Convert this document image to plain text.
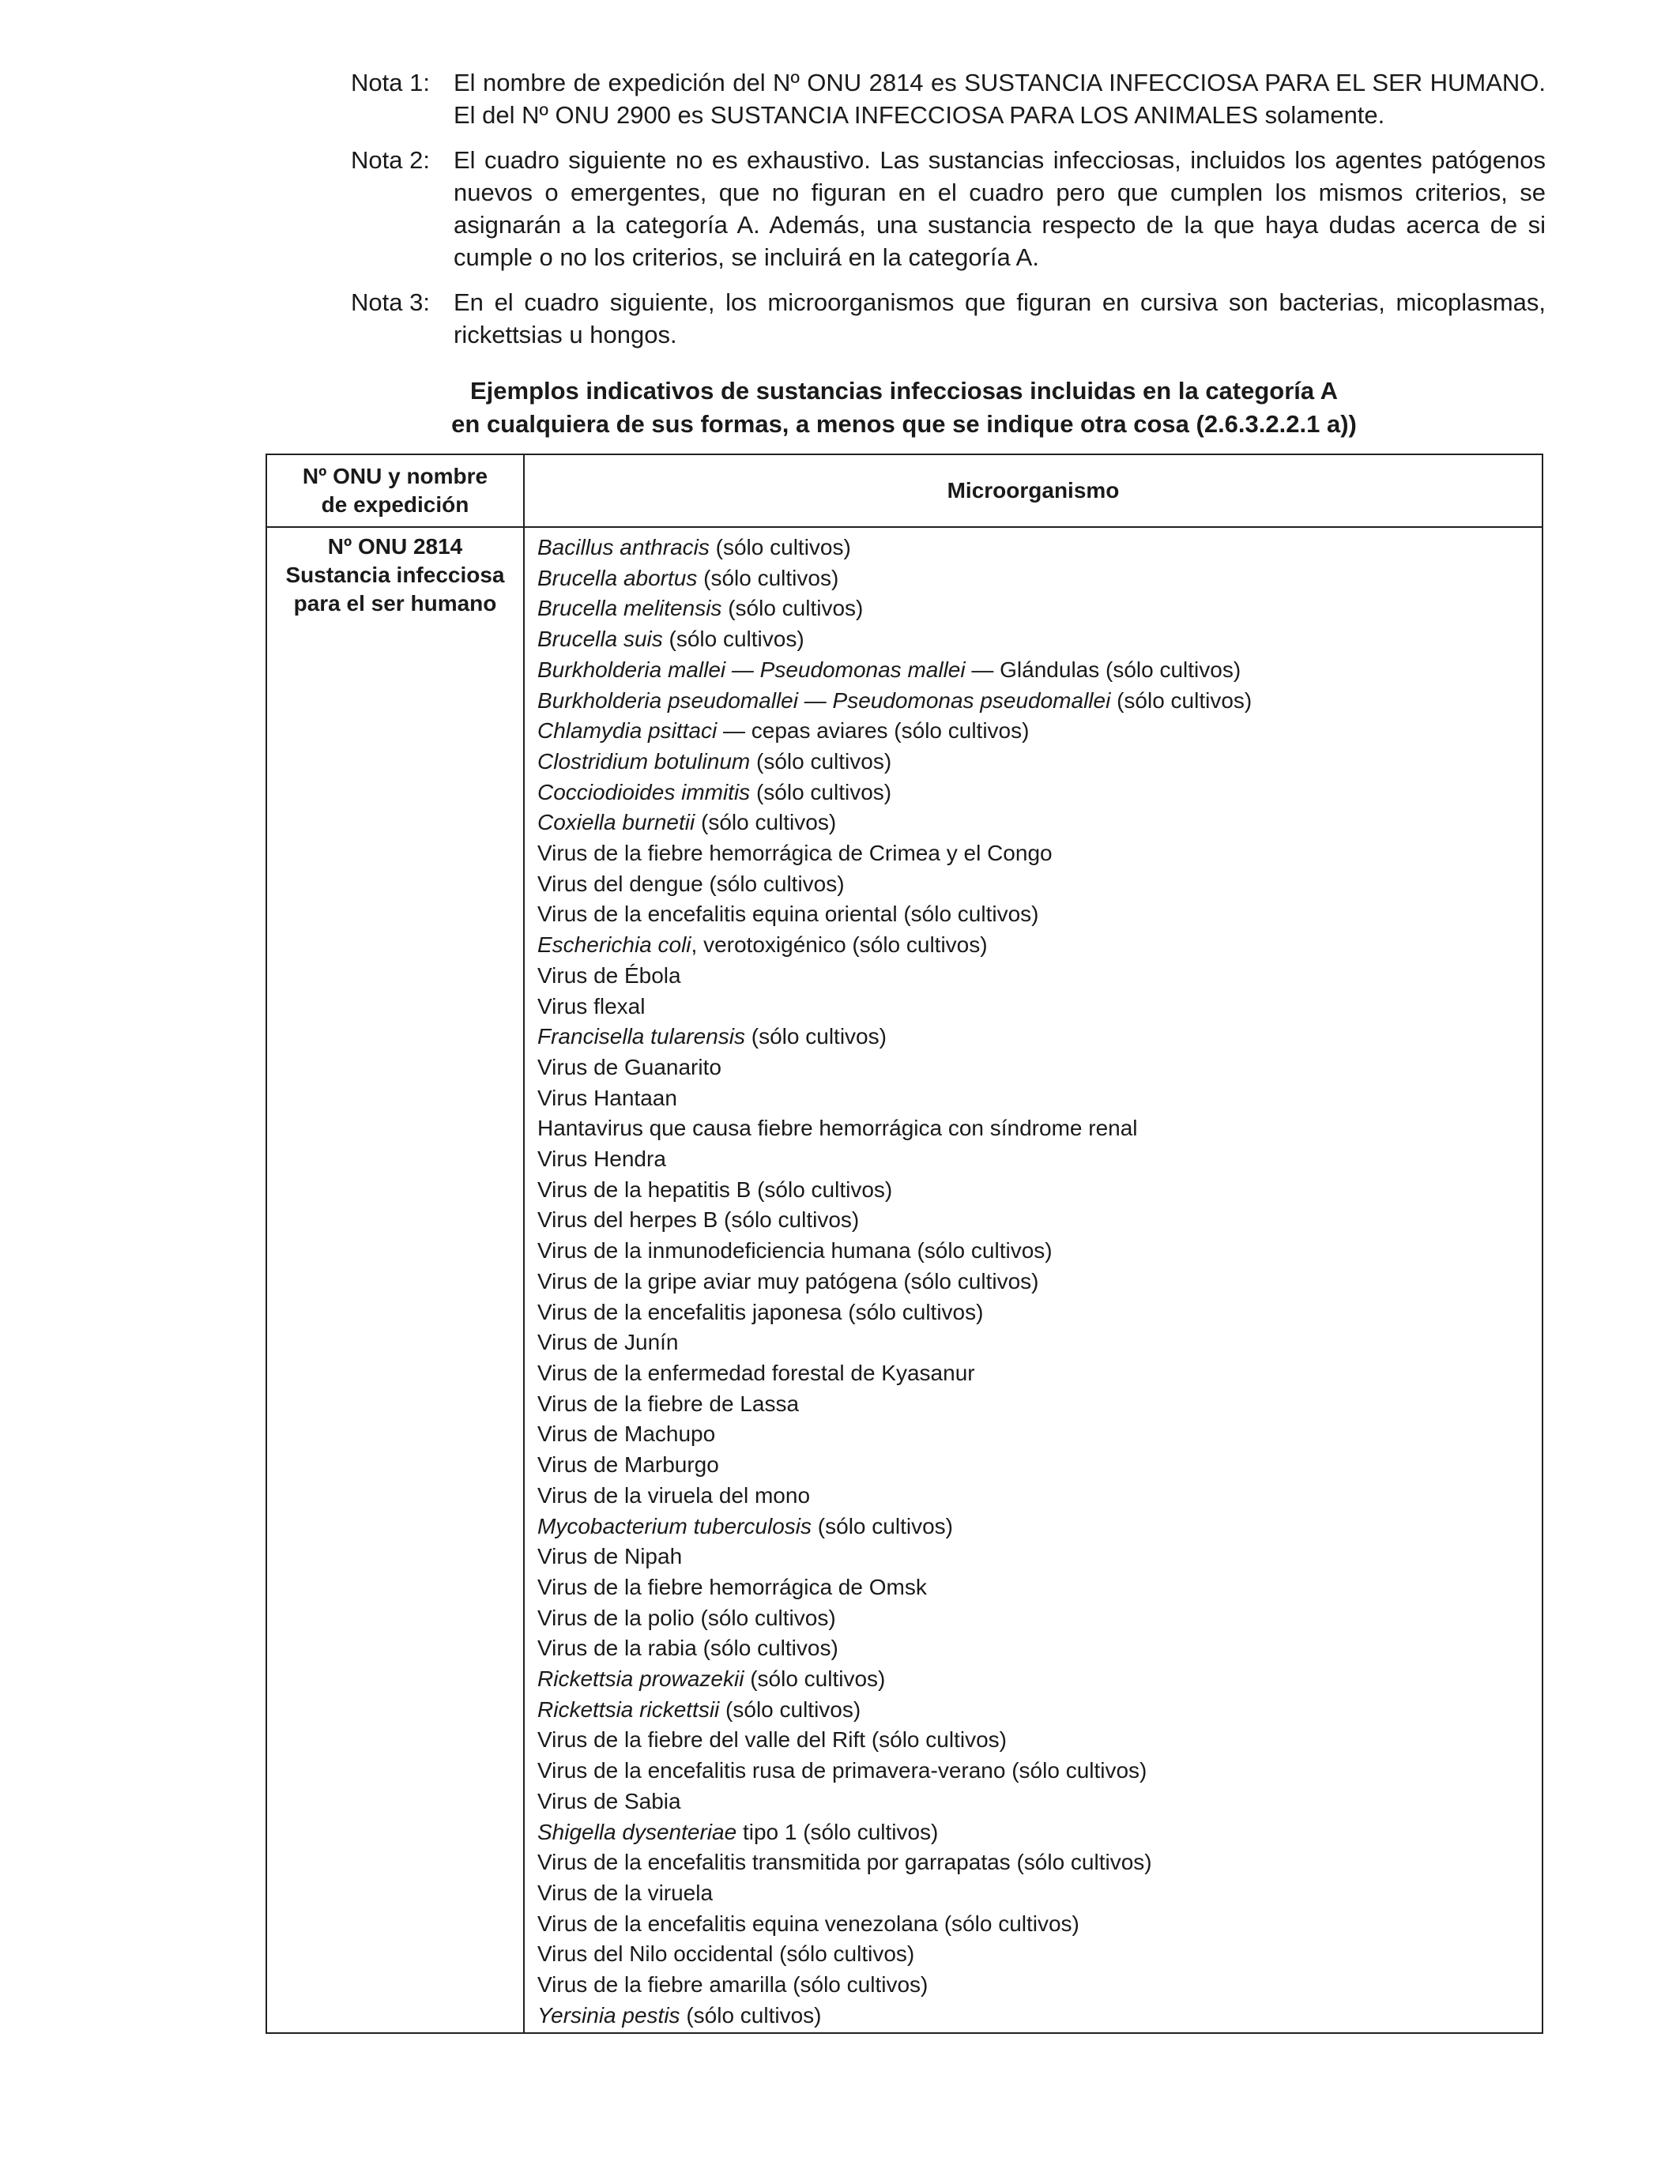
Nota 1: El nombre de expedición del Nº ONU 2814 es SUSTANCIA INFECCIOSA PARA EL SER HUMANO. El del Nº ONU 2900 es SUSTANCIA INFECCIOSA PARA LOS ANIMALES solamente.
Nota 2: El cuadro siguiente no es exhaustivo. Las sustancias infecciosas, incluidos los agentes patógenos nuevos o emergentes, que no figuran en el cuadro pero que cumplen los mismos criterios, se asignarán a la categoría A. Además, una sustancia respecto de la que haya dudas acerca de si cumple o no los criterios, se incluirá en la categoría A.
Nota 3: En el cuadro siguiente, los microorganismos que figuran en cursiva son bacterias, micoplasmas, rickettsias u hongos.
Ejemplos indicativos de sustancias infecciosas incluidas en la categoría A
en cualquiera de sus formas, a menos que se indique otra cosa (2.6.3.2.2.1 a))
Nº ONU y nombre
de expedición
Microorganismo
Nº ONU 2814
Sustancia infecciosa
para el ser humano
Bacillus anthracis (sólo cultivos)
Brucella abortus (sólo cultivos)
Brucella melitensis (sólo cultivos)
Brucella suis (sólo cultivos)
Burkholderia mallei — Pseudomonas mallei — Glándulas (sólo cultivos)
Burkholderia pseudomallei — Pseudomonas pseudomallei (sólo cultivos)
Chlamydia psittaci — cepas aviares (sólo cultivos)
Clostridium botulinum (sólo cultivos)
Cocciodioides immitis (sólo cultivos)
Coxiella burnetii (sólo cultivos)
Virus de la fiebre hemorrágica de Crimea y el Congo
Virus del dengue (sólo cultivos)
Virus de la encefalitis equina oriental (sólo cultivos)
Escherichia coli, verotoxigénico (sólo cultivos)
Virus de Ébola
Virus flexal
Francisella tularensis (sólo cultivos)
Virus de Guanarito
Virus Hantaan
Hantavirus que causa fiebre hemorrágica con síndrome renal
Virus Hendra
Virus de la hepatitis B (sólo cultivos)
Virus del herpes B (sólo cultivos)
Virus de la inmunodeficiencia humana (sólo cultivos)
Virus de la gripe aviar muy patógena (sólo cultivos)
Virus de la encefalitis japonesa (sólo cultivos)
Virus de Junín
Virus de la enfermedad forestal de Kyasanur
Virus de la fiebre de Lassa
Virus de Machupo
Virus de Marburgo
Virus de la viruela del mono
Mycobacterium tuberculosis (sólo cultivos)
Virus de Nipah
Virus de la fiebre hemorrágica de Omsk
Virus de la polio (sólo cultivos)
Virus de la rabia (sólo cultivos)
Rickettsia prowazekii (sólo cultivos)
Rickettsia rickettsii (sólo cultivos)
Virus de la fiebre del valle del Rift (sólo cultivos)
Virus de la encefalitis rusa de primavera-verano (sólo cultivos)
Virus de Sabia
Shigella dysenteriae tipo 1 (sólo cultivos)
Virus de la encefalitis transmitida por garrapatas (sólo cultivos)
Virus de la viruela
Virus de la encefalitis equina venezolana (sólo cultivos)
Virus del Nilo occidental (sólo cultivos)
Virus de la fiebre amarilla (sólo cultivos)
Yersinia pestis (sólo cultivos)
